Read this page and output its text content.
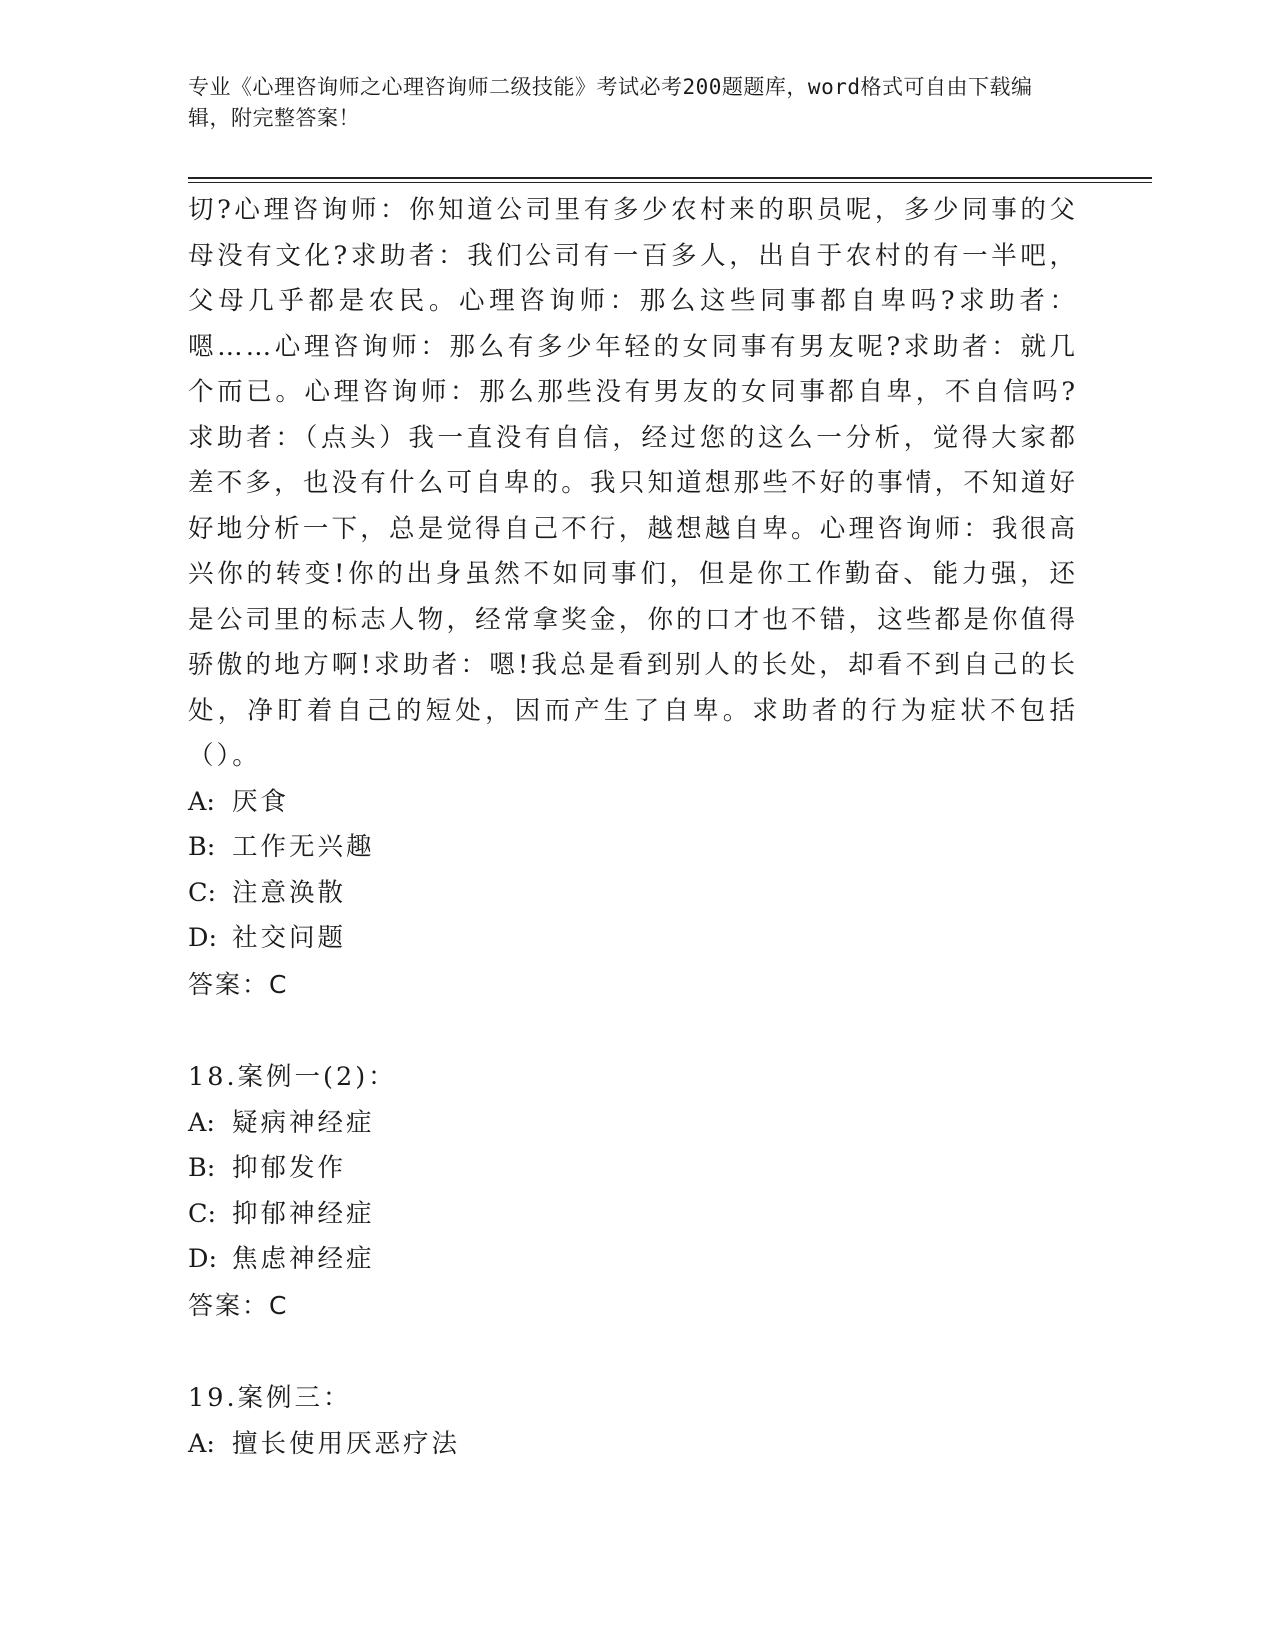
专业《心理咨询师之心理咨询师二级技能》考试必考200题题库，word格式可自由下载编辑，附完整答案！

切?心理咨询师：你知道公司里有多少农村来的职员呢，多少同事的父母没有文化?求助者：我们公司有一百多人，出自于农村的有一半吧，父母几乎都是农民。心理咨询师：那么这些同事都自卑吗?求助者：嗯……心理咨询师：那么有多少年轻的女同事有男友呢?求助者：就几个而已。心理咨询师：那么那些没有男友的女同事都自卑，不自信吗?求助者：（点头）我一直没有自信，经过您的这么一分析，觉得大家都差不多，也没有什么可自卑的。我只知道想那些不好的事情，不知道好好地分析一下，总是觉得自己不行，越想越自卑。心理咨询师：我很高兴你的转变!你的出身虽然不如同事们，但是你工作勤奋、能力强，还是公司里的标志人物，经常拿奖金，你的口才也不错，这些都是你值得骄傲的地方啊!求助者：嗯!我总是看到别人的长处，却看不到自己的长处，净盯着自己的短处，因而产生了自卑。求助者的行为症状不包括（）。

A: 厌食
B: 工作无兴趣
C: 注意涣散
D: 社交问题
答案：C
18.案例一(2)：
A: 疑病神经症
B: 抑郁发作
C: 抑郁神经症
D: 焦虑神经症
答案：C
19.案例三：
A: 擅长使用厌恶疗法
